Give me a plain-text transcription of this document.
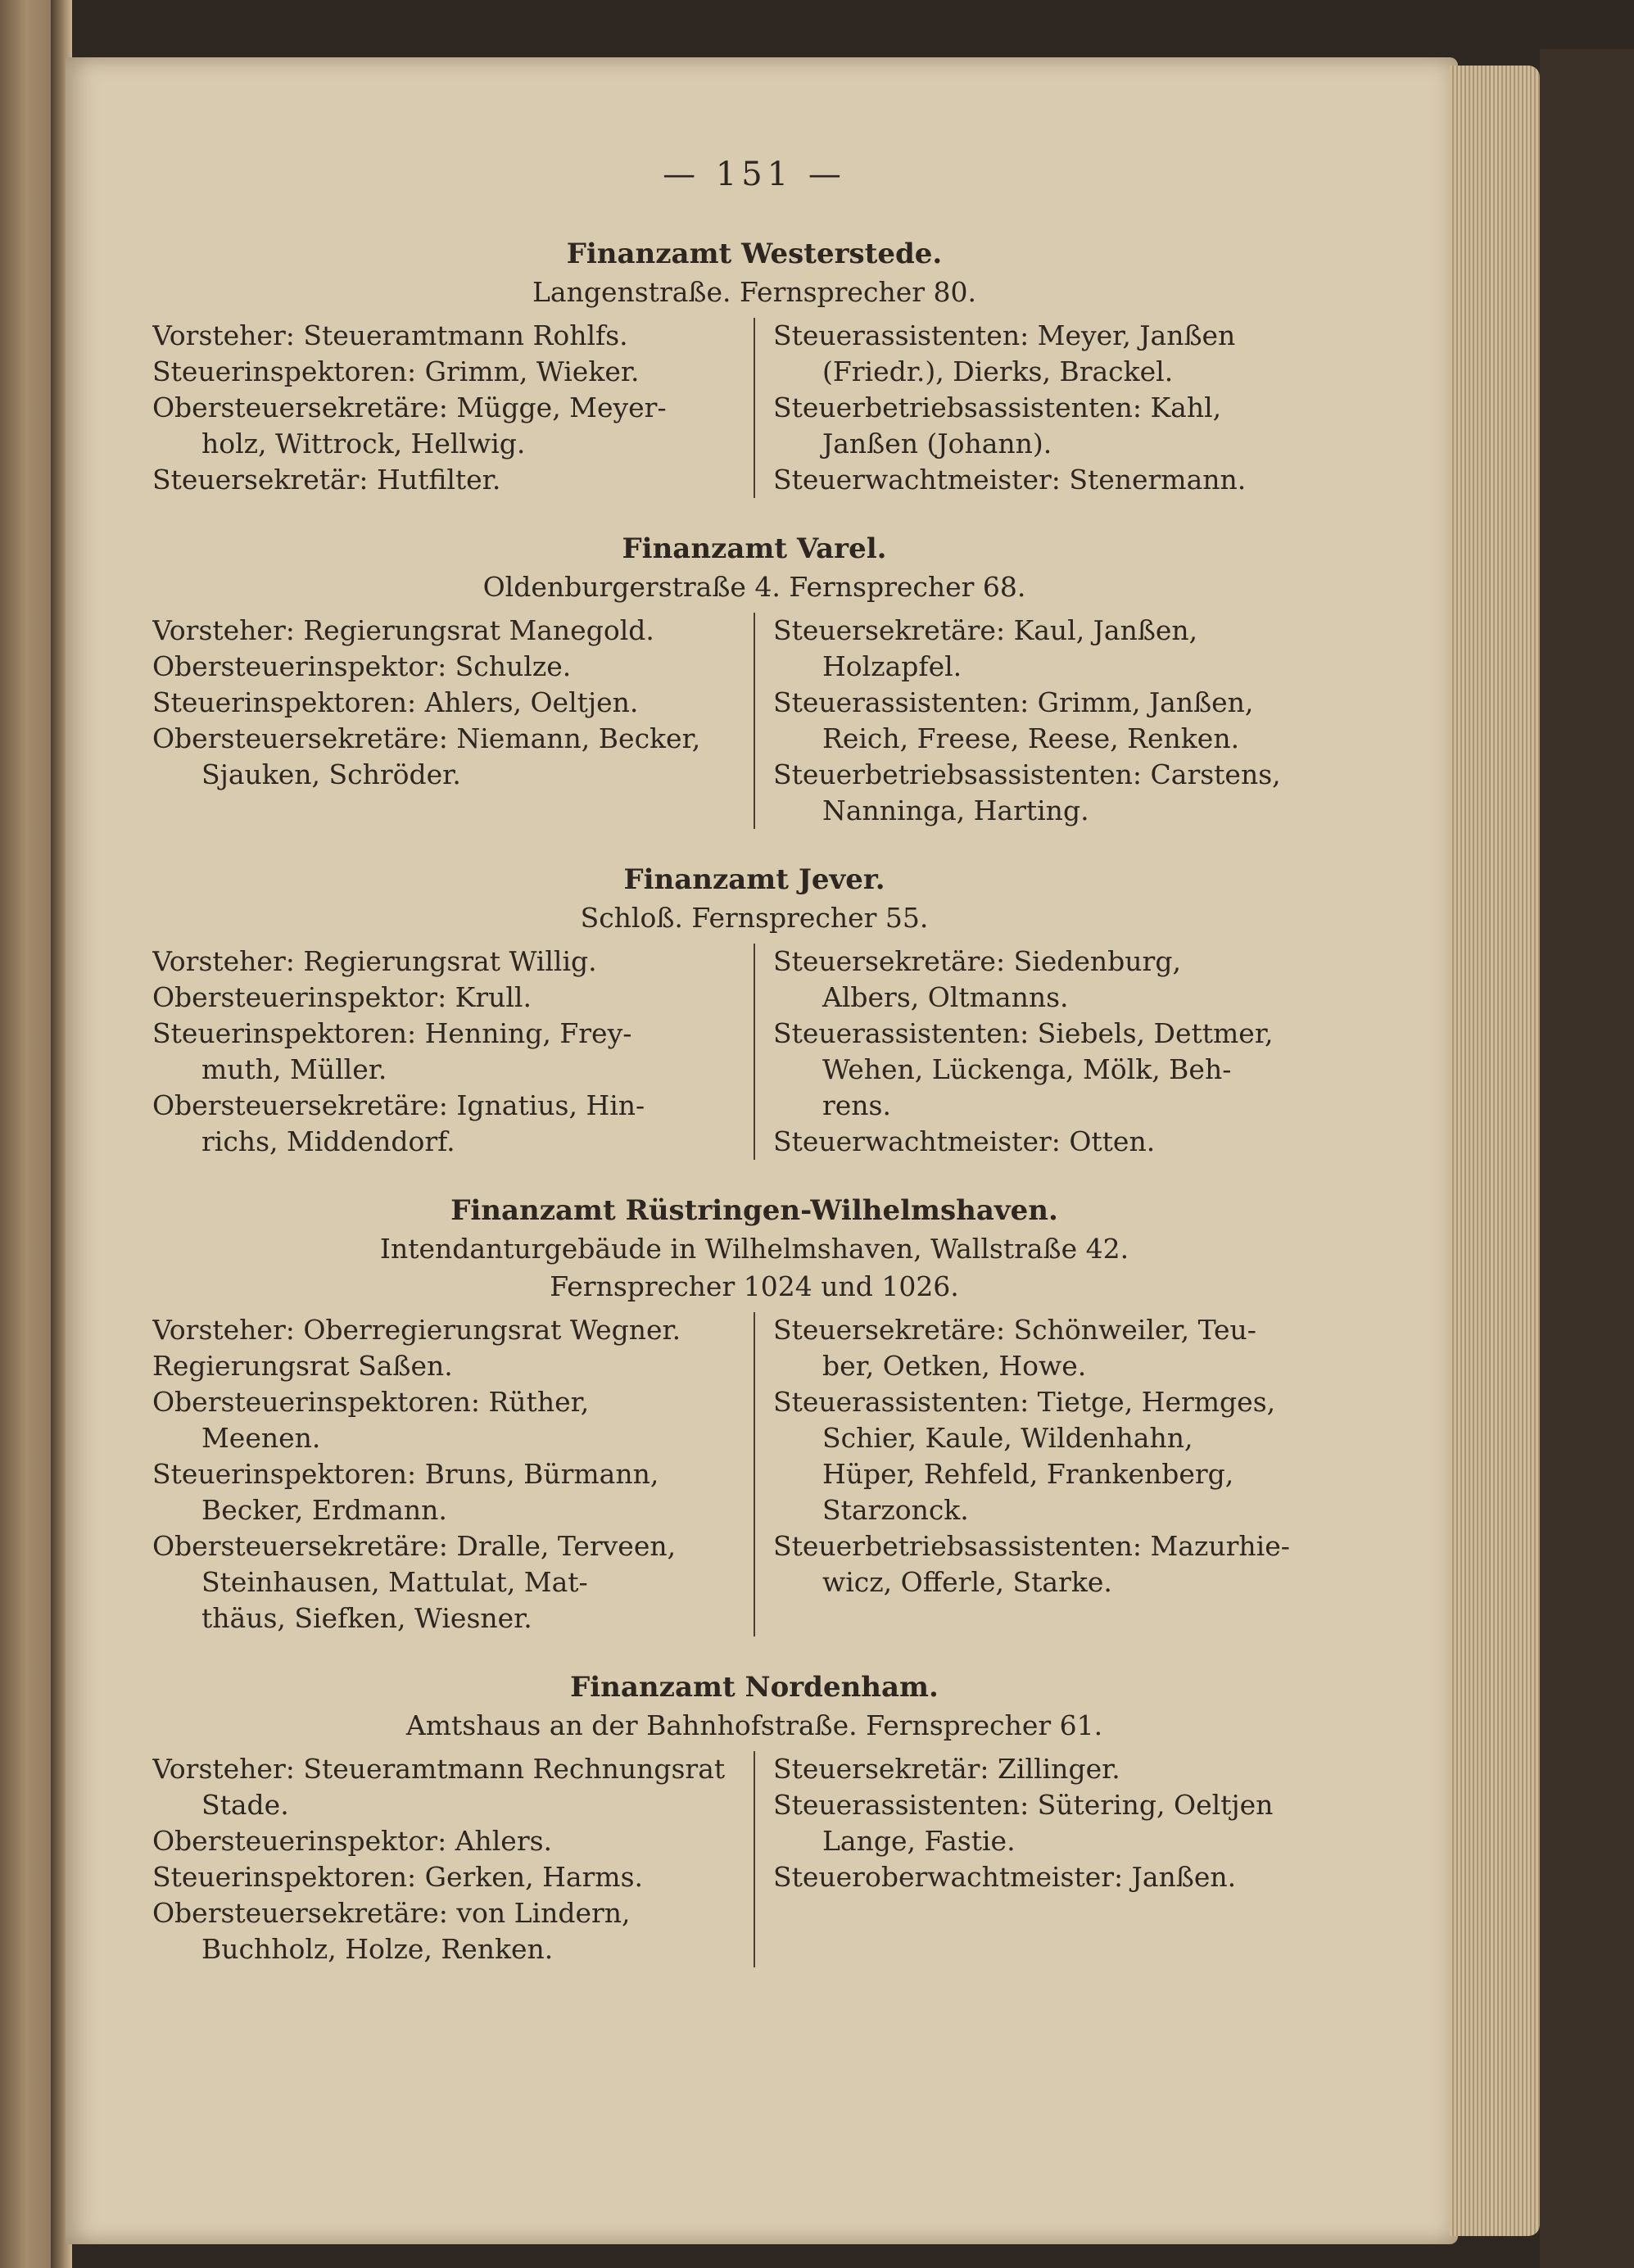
— 151 —
Finanzamt Westerstede.
Langenstraße. Fernsprecher 80.
Vorsteher: Steueramtmann Rohlfs.
Steuerinspektoren: Grimm, Wieker.
Obersteuersekretäre: Mügge, Meyer-
holz, Wittrock, Hellwig.
Steuersekretär: Hutfilter.
Steuerassistenten: Meyer, Janßen
(Friedr.), Dierks, Brackel.
Steuerbetriebsassistenten: Kahl,
Janßen (Johann).
Steuerwachtmeister: Stenermann.
Finanzamt Varel.
Oldenburgerstraße 4. Fernsprecher 68.
Vorsteher: Regierungsrat Manegold.
Obersteuerinspektor: Schulze.
Steuerinspektoren: Ahlers, Oeltjen.
Obersteuersekretäre: Niemann, Becker,
Sjauken, Schröder.
Steuersekretäre: Kaul, Janßen,
Holzapfel.
Steuerassistenten: Grimm, Janßen,
Reich, Freese, Reese, Renken.
Steuerbetriebsassistenten: Carstens,
Nanninga, Harting.
Finanzamt Jever.
Schloß. Fernsprecher 55.
Vorsteher: Regierungsrat Willig.
Obersteuerinspektor: Krull.
Steuerinspektoren: Henning, Frey-
muth, Müller.
Obersteuersekretäre: Ignatius, Hin-
richs, Middendorf.
Steuersekretäre: Siedenburg,
Albers, Oltmanns.
Steuerassistenten: Siebels, Dettmer,
Wehen, Lückenga, Mölk, Beh-
rens.
Steuerwachtmeister: Otten.
Finanzamt Rüstringen-Wilhelmshaven.
Intendanturgebäude in Wilhelmshaven, Wallstraße 42.
Fernsprecher 1024 und 1026.
Vorsteher: Oberregierungsrat Wegner.
Regierungsrat Saßen.
Obersteuerinspektoren: Rüther,
Meenen.
Steuerinspektoren: Bruns, Bürmann,
Becker, Erdmann.
Obersteuersekretäre: Dralle, Terveen,
Steinhausen, Mattulat, Mat-
thäus, Siefken, Wiesner.
Steuersekretäre: Schönweiler, Teu-
ber, Oetken, Howe.
Steuerassistenten: Tietge, Hermges,
Schier, Kaule, Wildenhahn,
Hüper, Rehfeld, Frankenberg,
Starzonck.
Steuerbetriebsassistenten: Mazurhie-
wicz, Offerle, Starke.
Finanzamt Nordenham.
Amtshaus an der Bahnhofstraße. Fernsprecher 61.
Vorsteher: Steueramtmann Rechnungsrat
Stade.
Obersteuerinspektor: Ahlers.
Steuerinspektoren: Gerken, Harms.
Obersteuersekretäre: von Lindern,
Buchholz, Holze, Renken.
Steuersekretär: Zillinger.
Steuerassistenten: Sütering, Oeltjen
Lange, Fastie.
Steueroberwachtmeister: Janßen.
